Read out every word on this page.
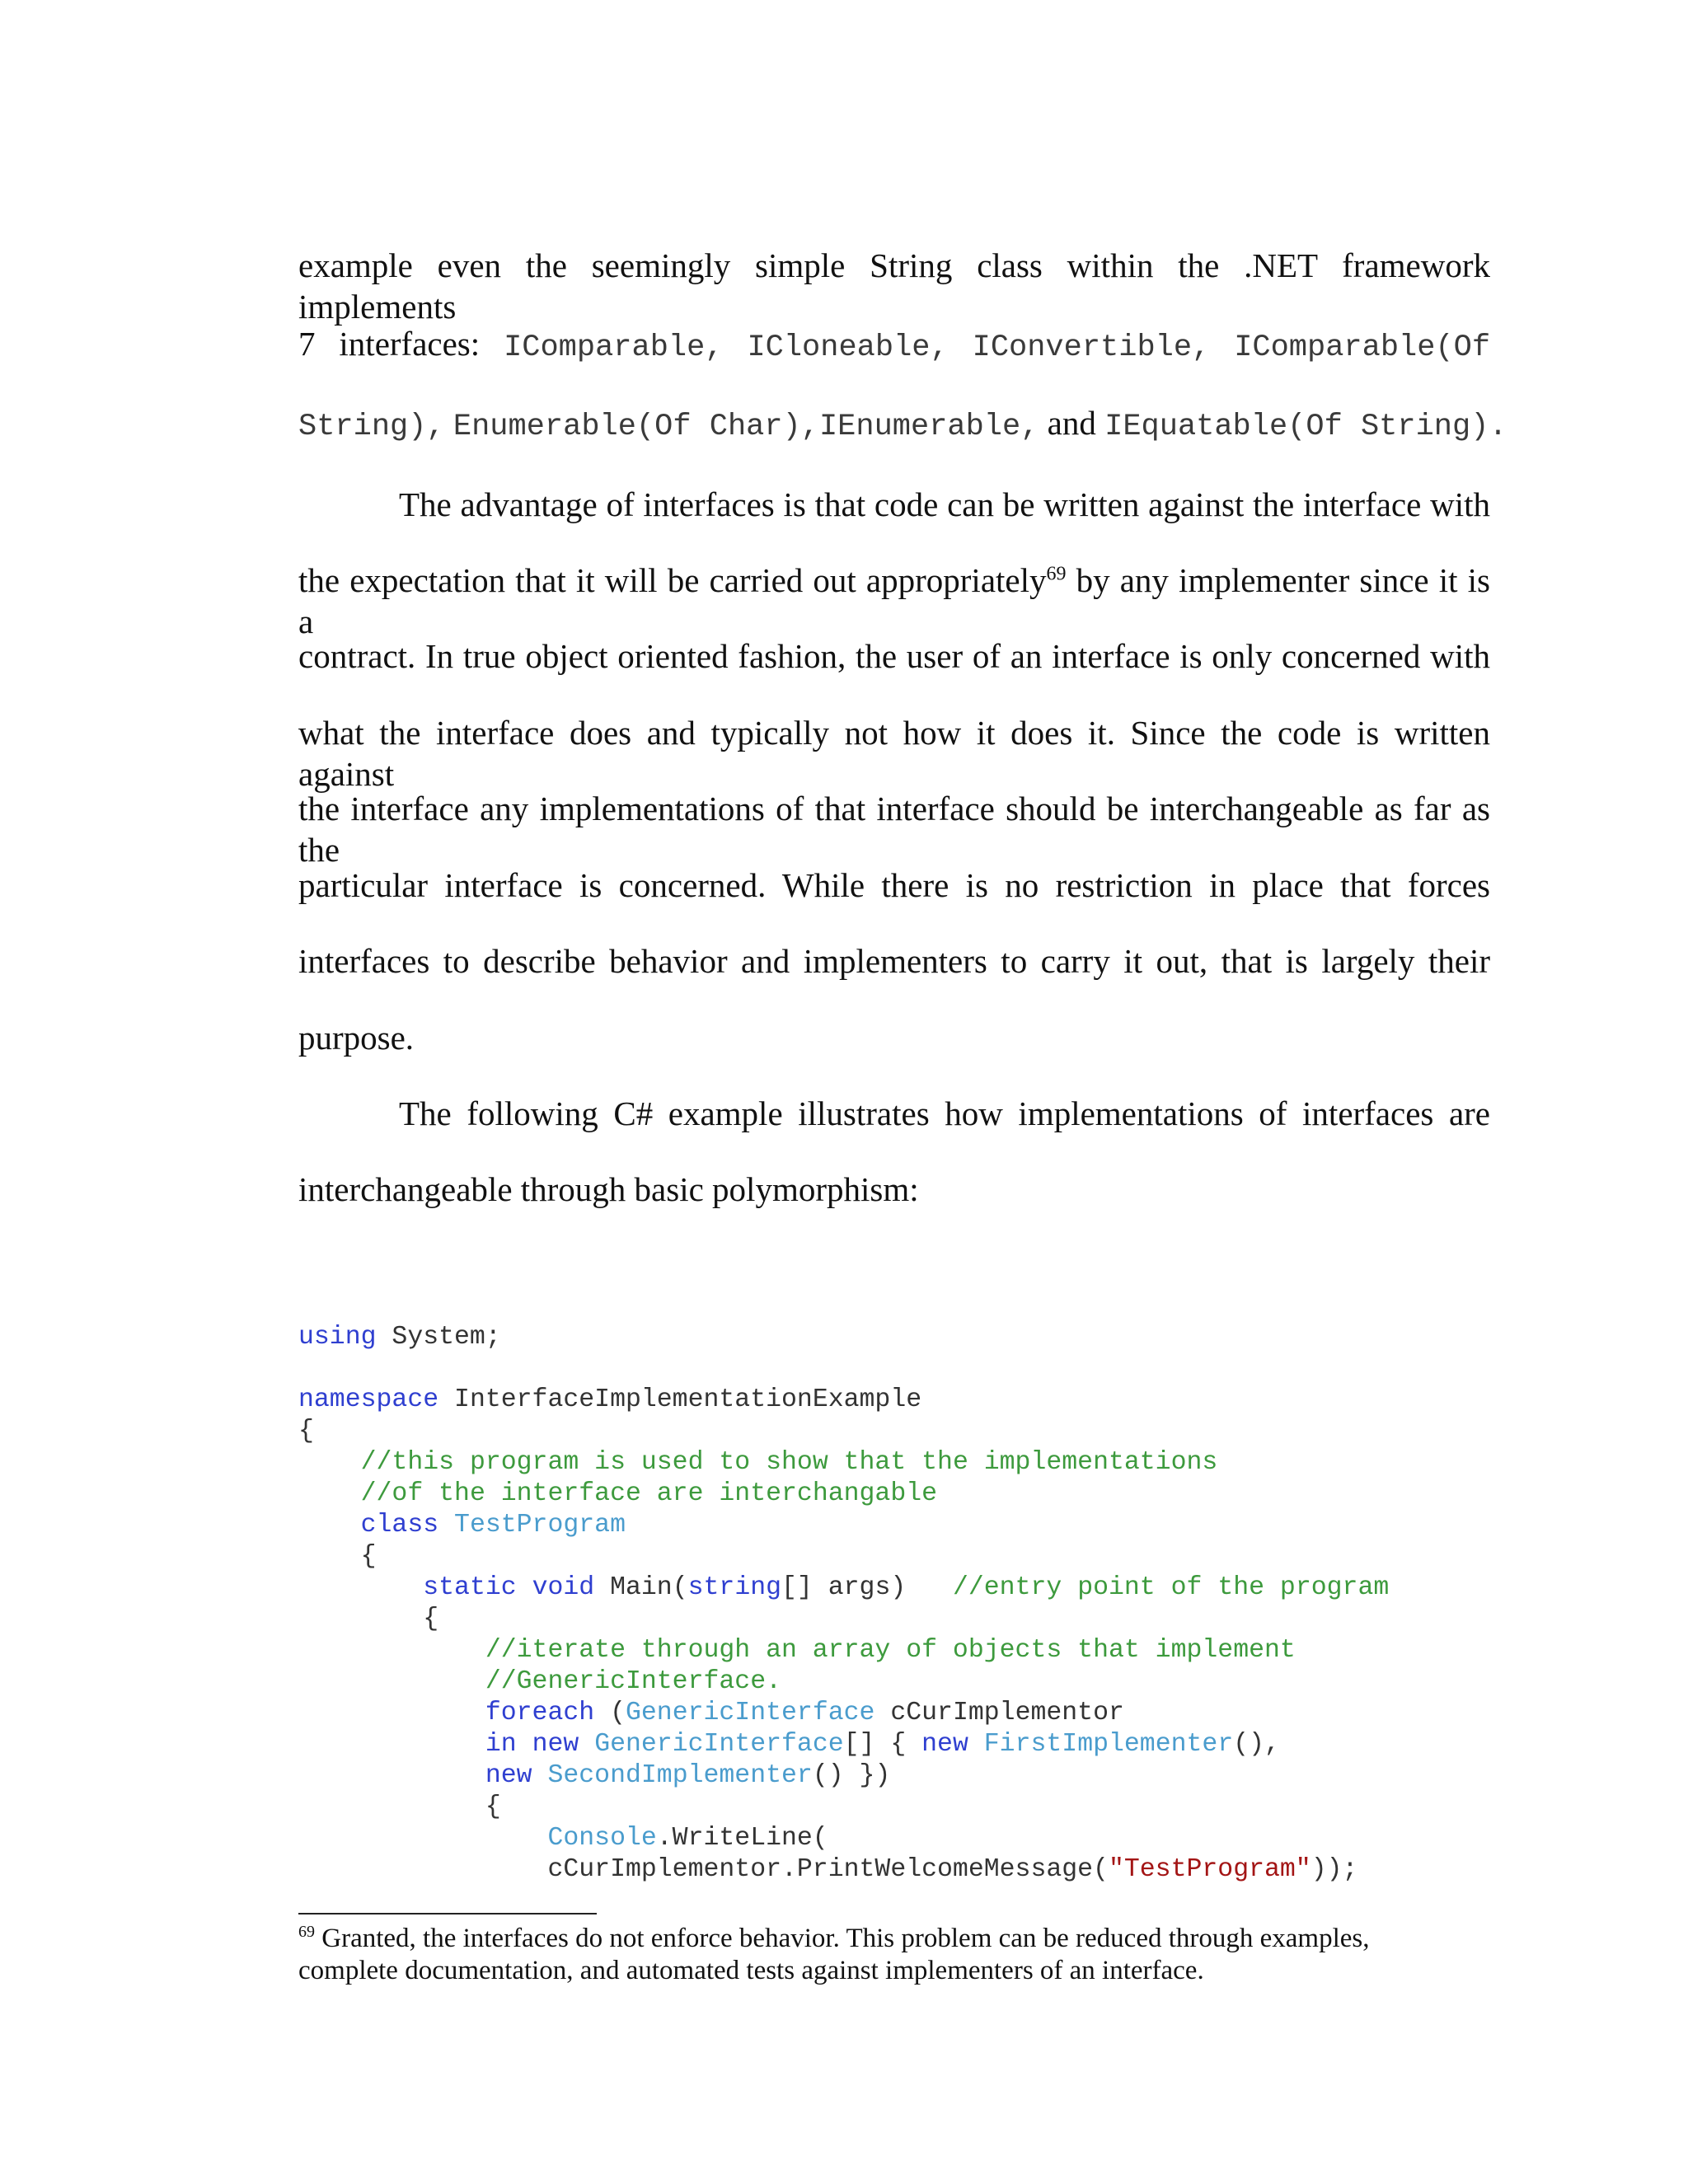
example even the seemingly simple String class within the .NET framework implements

7 interfaces: IComparable, ICloneable, IConvertible, IComparable(Of

String), Enumerable(Of Char),IEnumerable, and IEquatable(Of String).

The advantage of interfaces is that code can be written against the interface with

the expectation that it will be carried out appropriately$^{69}$ by any implementer since it is a

contract. In true object oriented fashion, the user of an interface is only concerned with

what the interface does and typically not how it does it. Since the code is written against

the interface any implementations of that interface should be interchangeable as far as the

particular interface is concerned. While there is no restriction in place that forces

interfaces to describe behavior and implementers to carry it out, that is largely their

purpose.

The following C# example illustrates how implementations of interfaces are

interchangeable through basic polymorphism:

using System;

namespace InterfaceImplementationExample
{
//this program is used to show that the implementations
//of the interface are interchangable
class TestProgram
{
static void Main(string[] args)   //entry point of the program
{
//iterate through an array of objects that implement
//GenericInterface.
foreach (GenericInterface cCurImplementor
in new GenericInterface[] { new FirstImplementer(),
new SecondImplementer() })
{
Console.WriteLine(
cCurImplementor.PrintWelcomeMessage("TestProgram"));

$^{69}$ Granted, the interfaces do not enforce behavior. This problem can be reduced through examples,

complete documentation, and automated tests against implementers of an interface.
